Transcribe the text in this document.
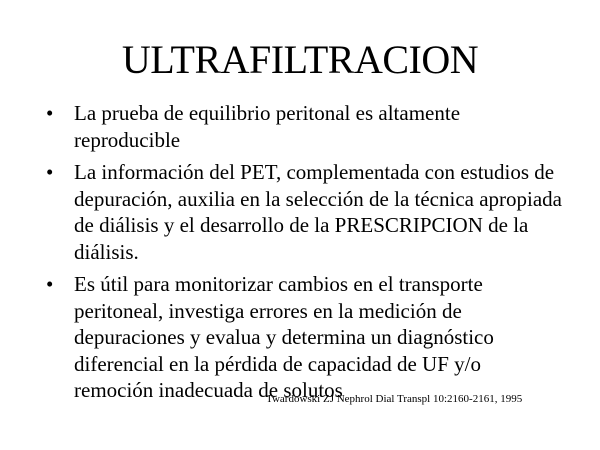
ULTRAFILTRACION
• La prueba de equilibrio peritonal es altamente reproducible
• La información del PET, complementada con estudios de depuración, auxilia en la selección de la técnica apropiada de diálisis y el desarrollo de la PRESCRIPCION de la diálisis.
• Es útil para monitorizar cambios en el transporte peritoneal, investiga errores en la medición de depuraciones y evalua y determina un diagnóstico diferencial en la pérdida de capacidad de UF y/o remoción inadecuada de solutos
Twardowski ZJ Nephrol Dial Transpl 10:2160-2161, 1995
